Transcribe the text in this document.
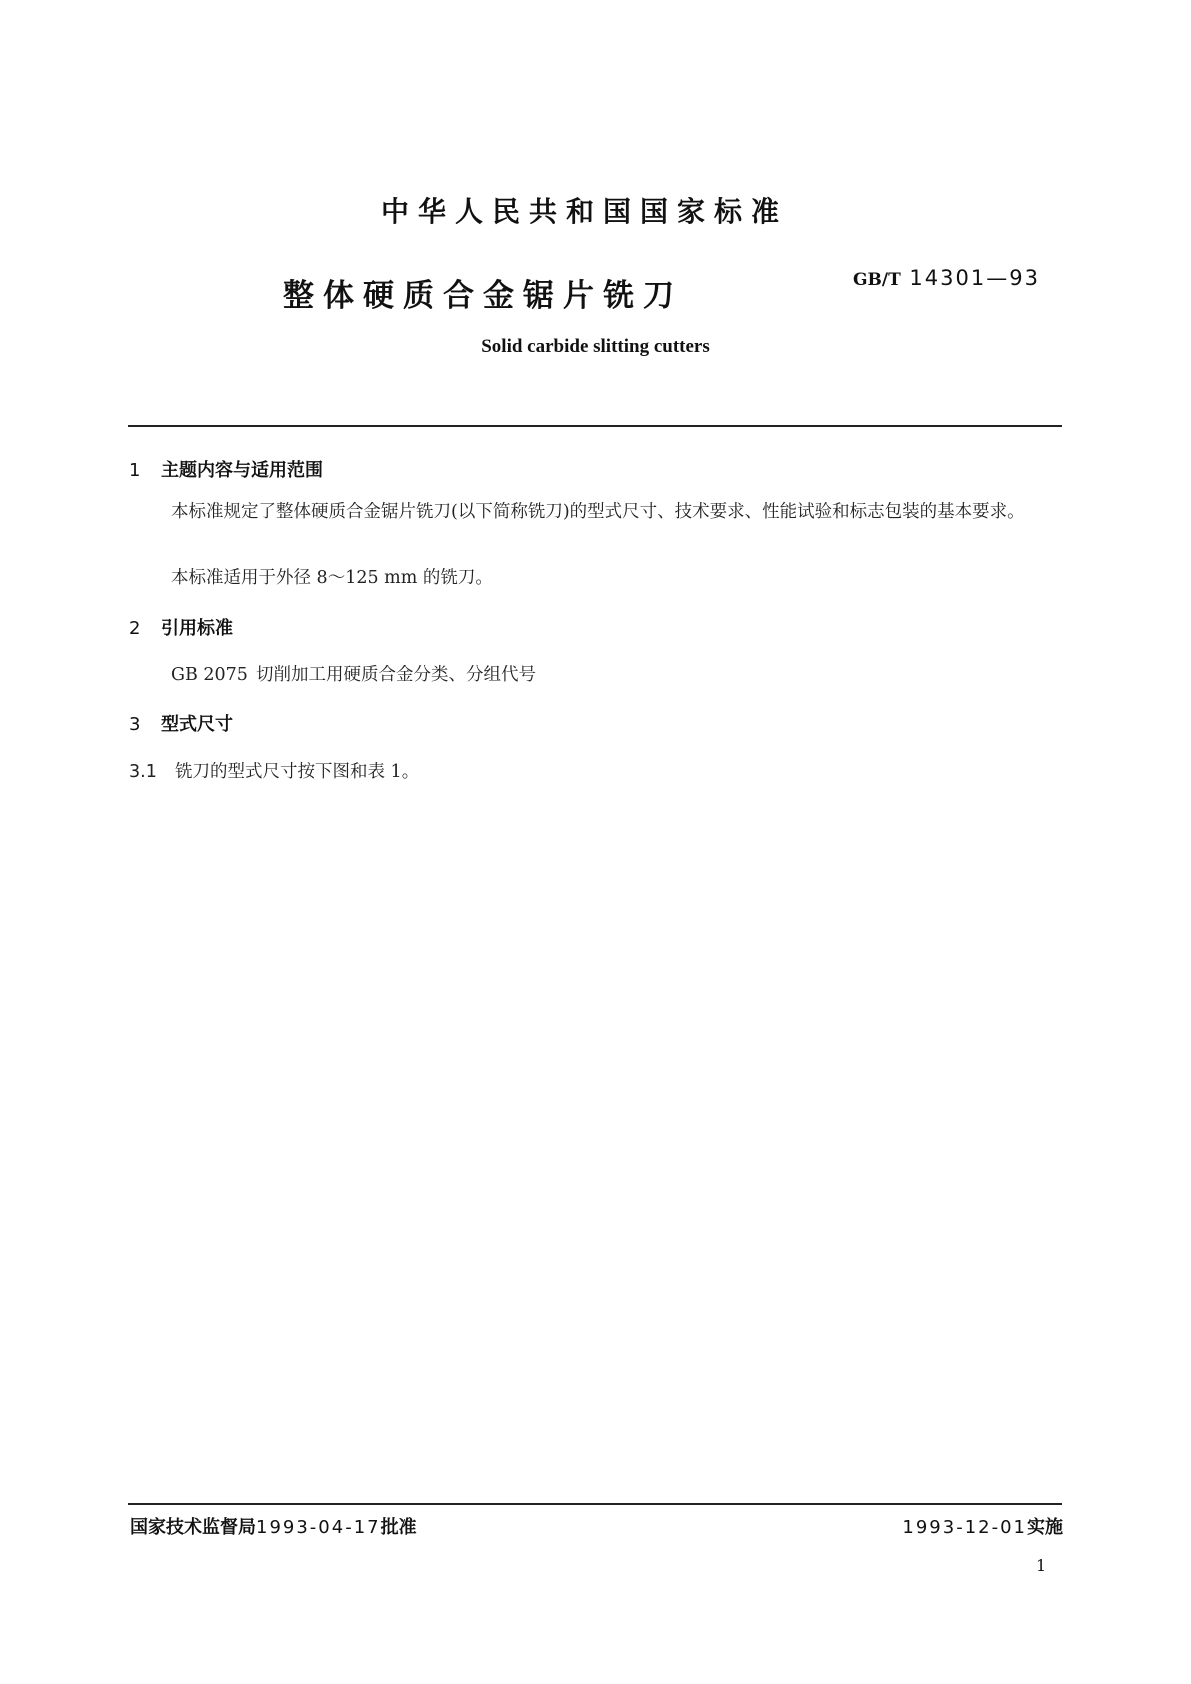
中华人民共和国国家标准
整体硬质合金锯片铣刀	GB/T 14301—93
Solid carbide slitting cutters
1 主题内容与适用范围
本标准规定了整体硬质合金锯片铣刀(以下简称铣刀)的型式尺寸、技术要求、性能试验和标志包装的基本要求。
本标准适用于外径 8～125 mm 的铣刀。
2 引用标准
GB 2075 切削加工用硬质合金分类、分组代号
3 型式尺寸
3.1 铣刀的型式尺寸按下图和表 1。
国家技术监督局1993-04-17批准	1993-12-01实施
1
